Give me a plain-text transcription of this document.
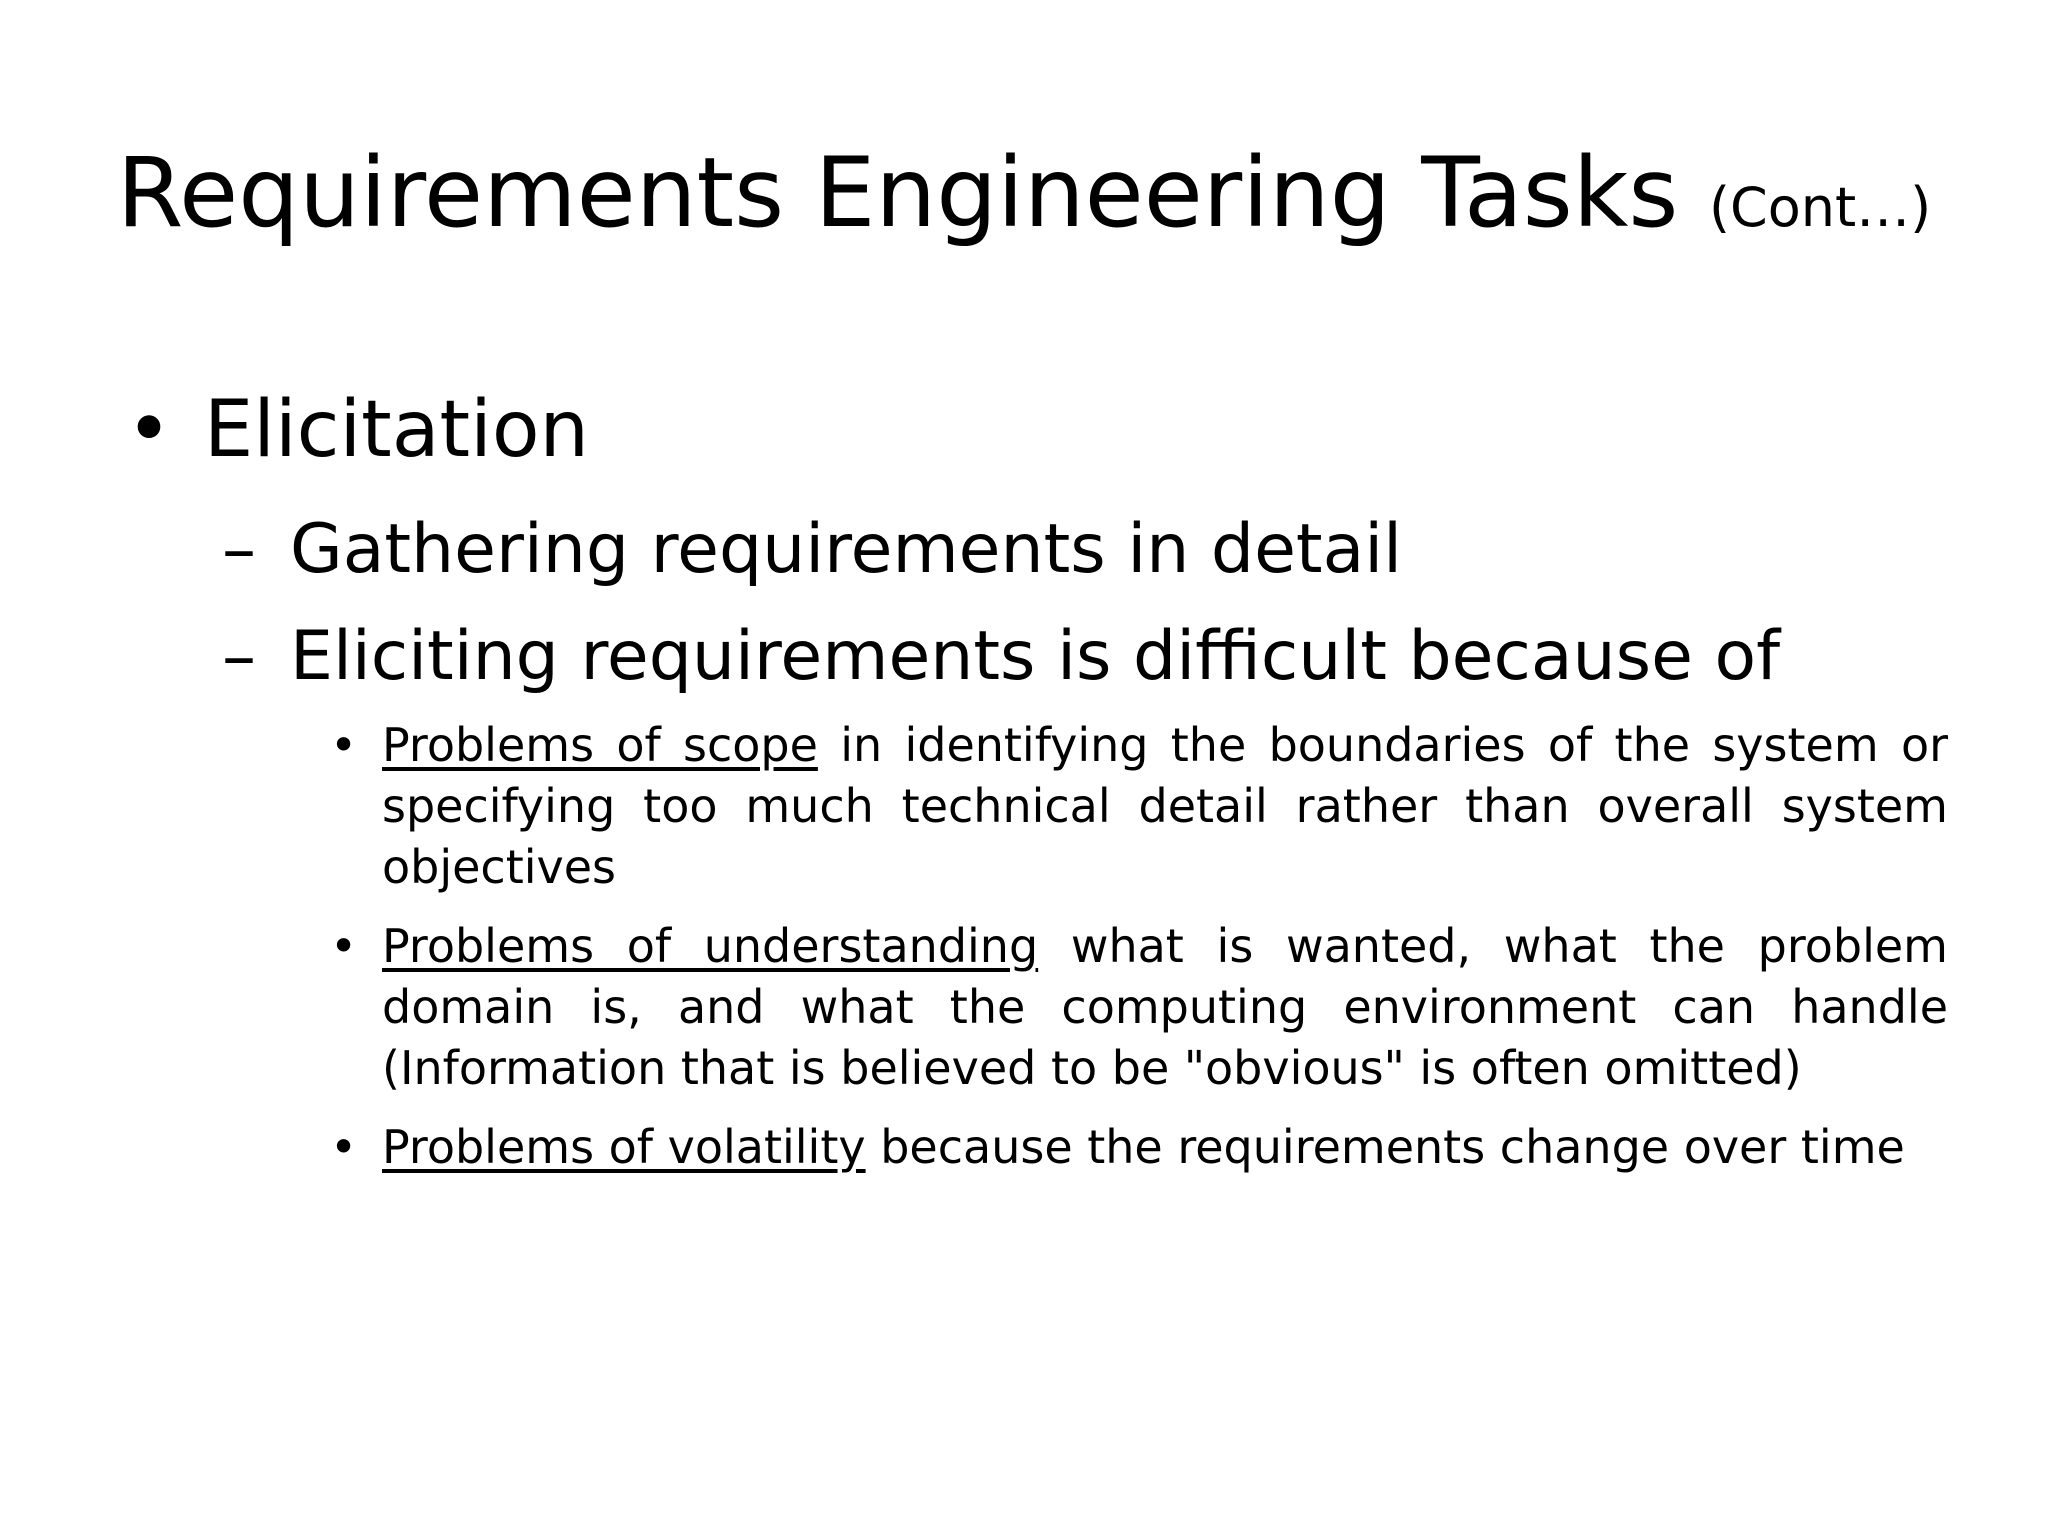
Requirements Engineering Tasks (Cont…)
• Elicitation
– Gathering requirements in detail
– Eliciting requirements is difficult because of
• Problems of scope in identifying the boundaries of the system or specifying too much technical detail rather than overall system objectives
• Problems of understanding what is wanted, what the problem domain is, and what the computing environment can handle (Information that is believed to be "obvious" is often omitted)
• Problems of volatility because the requirements change over time
